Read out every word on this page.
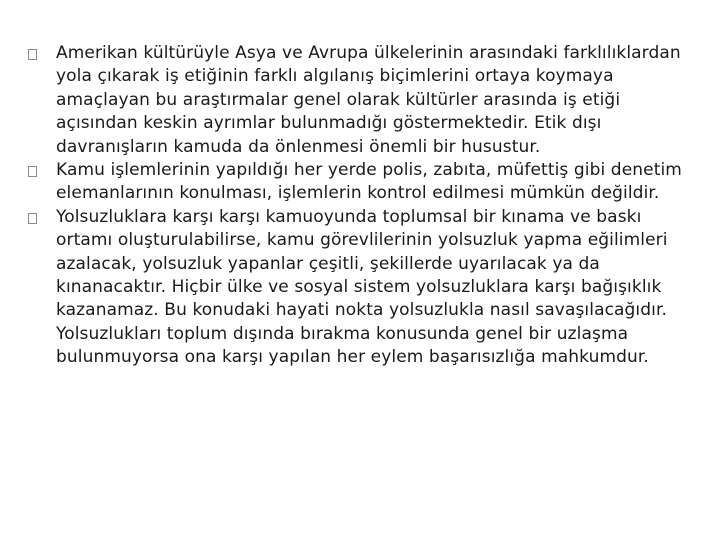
Amerikan kültürüyle Asya ve Avrupa ülkelerinin arasındaki farklılıklardan yola çıkarak iş etiğinin farklı algılanış biçimlerini ortaya koymaya amaçlayan bu araştırmalar genel olarak kültürler arasında iş etiği açısından keskin ayrımlar bulunmadığı göstermektedir. Etik dışı davranışların kamuda da önlenmesi önemli bir husustur.
Kamu işlemlerinin yapıldığı her yerde polis, zabıta, müfettiş gibi denetim elemanlarının konulması, işlemlerin kontrol edilmesi mümkün değildir.
Yolsuzluklara karşı karşı kamuoyunda toplumsal bir kınama ve baskı ortamı oluşturulabilirse, kamu görevlilerinin yolsuzluk yapma eğilimleri azalacak, yolsuzluk yapanlar çeşitli, şekillerde uyarılacak ya da kınanacaktır. Hiçbir ülke ve sosyal sistem yolsuzluklara karşı bağışıklık kazanamaz. Bu konudaki hayati nokta yolsuzlukla nasıl savaşılacağıdır. Yolsuzlukları toplum dışında bırakma konusunda genel bir uzlaşma bulunmuyorsa ona karşı yapılan her eylem başarısızlığa mahkumdur.
